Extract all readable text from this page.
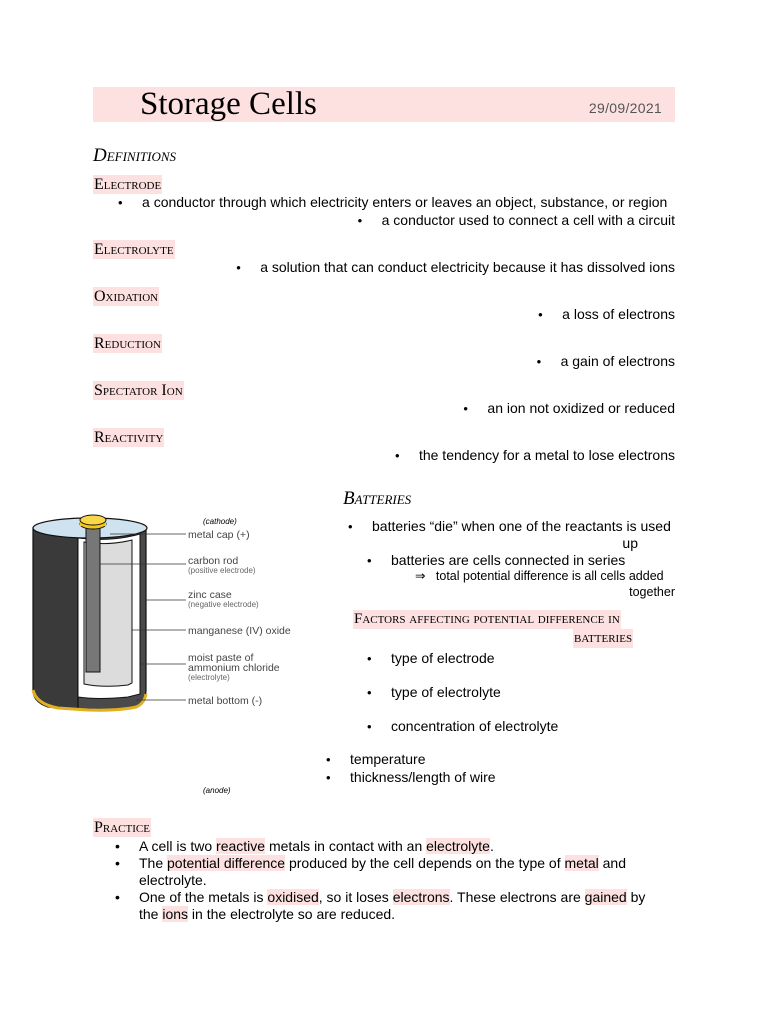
Storage Cells	29/09/2021
Definitions
Electrode
• a conductor through which electricity enters or leaves an object, substance, or region
• a conductor used to connect a cell with a circuit
Electrolyte
• a solution that can conduct electricity because it has dissolved ions
Oxidation
• a loss of electrons
Reduction
• a gain of electrons
Spectator Ion
• an ion not oxidized or reduced
Reactivity
• the tendency for a metal to lose electrons
(cathode)
metal cap (+)
carbon rod
(positive electrode)
zinc case
(negative electrode)
manganese (IV) oxide
moist paste of
ammonium chloride
(electrolyte)
metal bottom (-)
(anode)
Batteries
• batteries “die” when one of the reactants is used
up
• batteries are cells connected in series
⇒ total potential difference is all cells added
together
Factors affecting potential difference in
batteries
• type of electrode
• type of electrolyte
• concentration of electrolyte
• temperature
• thickness/length of wire
Practice
• A cell is two reactive metals in contact with an electrolyte.
• The potential difference produced by the cell depends on the type of metal and electrolyte.
• One of the metals is oxidised, so it loses electrons. These electrons are gained by the ions in the electrolyte so are reduced.
